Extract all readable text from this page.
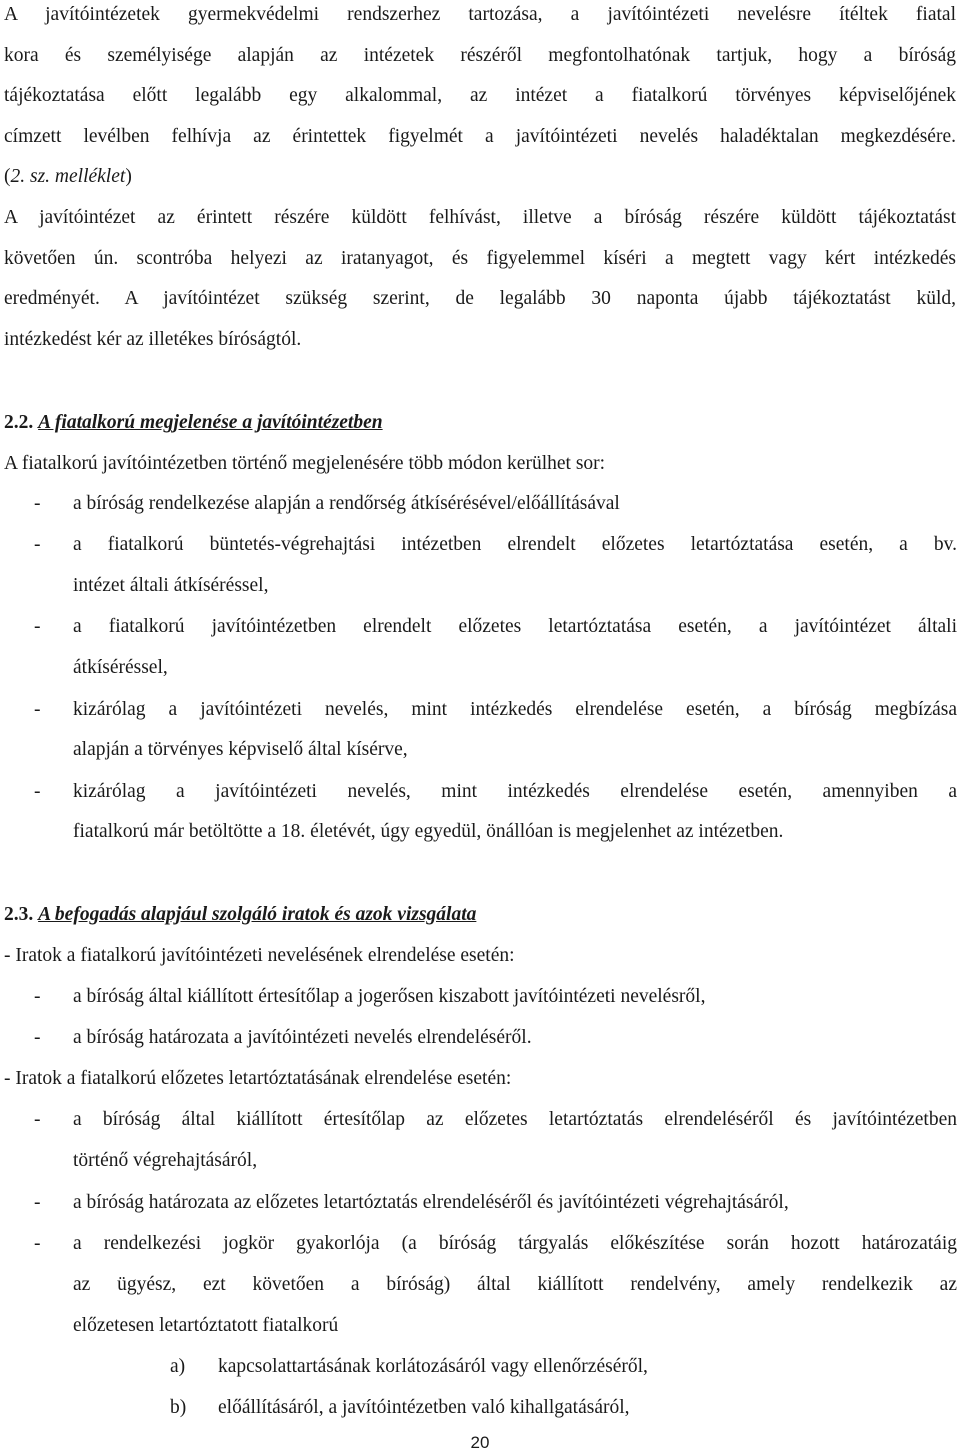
A javítóintézetek gyermekvédelmi rendszerhez tartozása, a javítóintézeti nevelésre ítéltek fiatal
kora és személyisége alapján az intézetek részéről megfontolhatónak tartjuk, hogy a bíróság
tájékoztatása előtt legalább egy alkalommal, az intézet a fiatalkorú törvényes képviselőjének
címzett levélben felhívja az érintettek figyelmét a javítóintézeti nevelés haladéktalan megkezdésére.
(2. sz. melléklet)
A javítóintézet az érintett részére küldött felhívást, illetve a bíróság részére küldött tájékoztatást
követően ún. scontróba helyezi az iratanyagot, és figyelemmel kíséri a megtett vagy kért intézkedés
eredményét. A javítóintézet szükség szerint, de legalább 30 naponta újabb tájékoztatást küld,
intézkedést kér az illetékes bíróságtól.
2.2. A fiatalkorú megjelenése a javítóintézetben
A fiatalkorú javítóintézetben történő megjelenésére több módon kerülhet sor:
- a bíróság rendelkezése alapján a rendőrség átkísérésével/előállításával
- a fiatalkorú büntetés-végrehajtási intézetben elrendelt előzetes letartóztatása esetén, a bv.
intézet általi átkíséréssel,
- a fiatalkorú javítóintézetben elrendelt előzetes letartóztatása esetén, a javítóintézet általi
átkíséréssel,
- kizárólag a javítóintézeti nevelés, mint intézkedés elrendelése esetén, a bíróság megbízása
alapján a törvényes képviselő által kísérve,
- kizárólag a javítóintézeti nevelés, mint intézkedés elrendelése esetén, amennyiben a
fiatalkorú már betöltötte a 18. életévét, úgy egyedül, önállóan is megjelenhet az intézetben.
2.3. A befogadás alapjául szolgáló iratok és azok vizsgálata
- Iratok a fiatalkorú javítóintézeti nevelésének elrendelése esetén:
- a bíróság által kiállított értesítőlap a jogerősen kiszabott javítóintézeti nevelésről,
- a bíróság határozata a javítóintézeti nevelés elrendeléséről.
- Iratok a fiatalkorú előzetes letartóztatásának elrendelése esetén:
- a bíróság által kiállított értesítőlap az előzetes letartóztatás elrendeléséről és javítóintézetben
történő végrehajtásáról,
- a bíróság határozata az előzetes letartóztatás elrendeléséről és javítóintézeti végrehajtásáról,
- a rendelkezési jogkör gyakorlója (a bíróság tárgyalás előkészítése során hozott határozatáig
az ügyész, ezt követően a bíróság) által kiállított rendelvény, amely rendelkezik az
előzetesen letartóztatott fiatalkorú
a) kapcsolattartásának korlátozásáról vagy ellenőrzéséről,
b) előállításáról, a javítóintézetben való kihallgatásáról,
20
